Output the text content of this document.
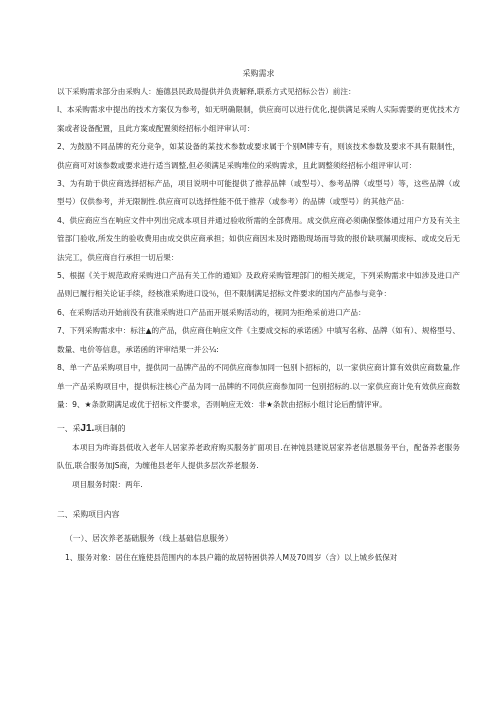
采购需求

以下采购需求部分由采购人：施德县民政局提供并负责解释,联系方式见招标公告）前注：

I、本采购需求中提出的技术方案仅为参考，如无明确限制，供应商可以进行优化,提供满足采购人实际需要的更优技术方案或者设备配置，且此方案或配置须经招标小组评审认可：

2、为鼓励不同品牌的充分竞争，如某设备的某技术参数或要求属于个别M牌专有，则该技术参数及要求不具有限制性，供应商可对该参数或要求进行适当调整,但必须满足采购堆位的采购需求，且此调整须经招标小组评审认可：

3、为有助于供应商选择招标产品，项目说明中可能提供了推荐品牌（或型号）、参考品牌（或型号）等，这些品牌（或型号）仅供参考，并无限制性.供应商可以选择性能不低于推荐（或参考）的品牌（或型号）的其他产品：

4、供应商应当在响应文件中列出完成本项目并通过验收所需的全部费用。成交供应商必须确保整体通过用户方及有关主管部门验收,所发生的验收费用由成交供应商承担；如供应商因未及时踏勘现场而导致的报价缺项漏项废标、或成交后无法完工，供应商自行承担一切后果：

5、根据《关于规范政府采购进口产品有关工作的通知》及政府采购管理部门的相关规定，下列采购需求中如涉及进口产品则已履行相关论证手续，经核准采购进口设％，但不限制满足招标文件要求的国内产品参与竞争：

6、在采购活动开始前没有获准采购进口产品而开展采购活动的，视同为拒绝采前进口产品：

7、下列采购需求中：标注▲的产品，供应商住响应文件《主要成交标的承诺函》中填写名称、品牌（如有）、规格型号、数量、电价等信息，承诺函的评审结果一并公¼:

8、单一产品采购项目中，提供同一品牌产品的不同供应商参加同一包别卜招标的，以一家供应商计算有效供应商数量,作单一产品采购项目中，提供标注核心产品为同一品牌的不同供应商参加同一包别招标的.以一家供应商计免有效供应商数量：9、★条款期满足或优于招标文件要求，否则响应无效：非★条款由招标小组讨论后酌情评审。

一、采J1.项目制的

本项目为昨诲县低收入老年人居家养老政府购买服务扩面项目.在神饨县建说居家养老信恩服务平台，配备养老服务队伍,联合服务加JS商，为缠他县老年人提供多层次养老服务.

项目服务时限：两年.

二、采购项目内容
（一）、居次养老基础服务（线上基础信息服务）

1、服务对象：居住在施使县范围内的本县户籍的故居特困供养人M及70周岁（含）以上城乡低保对
